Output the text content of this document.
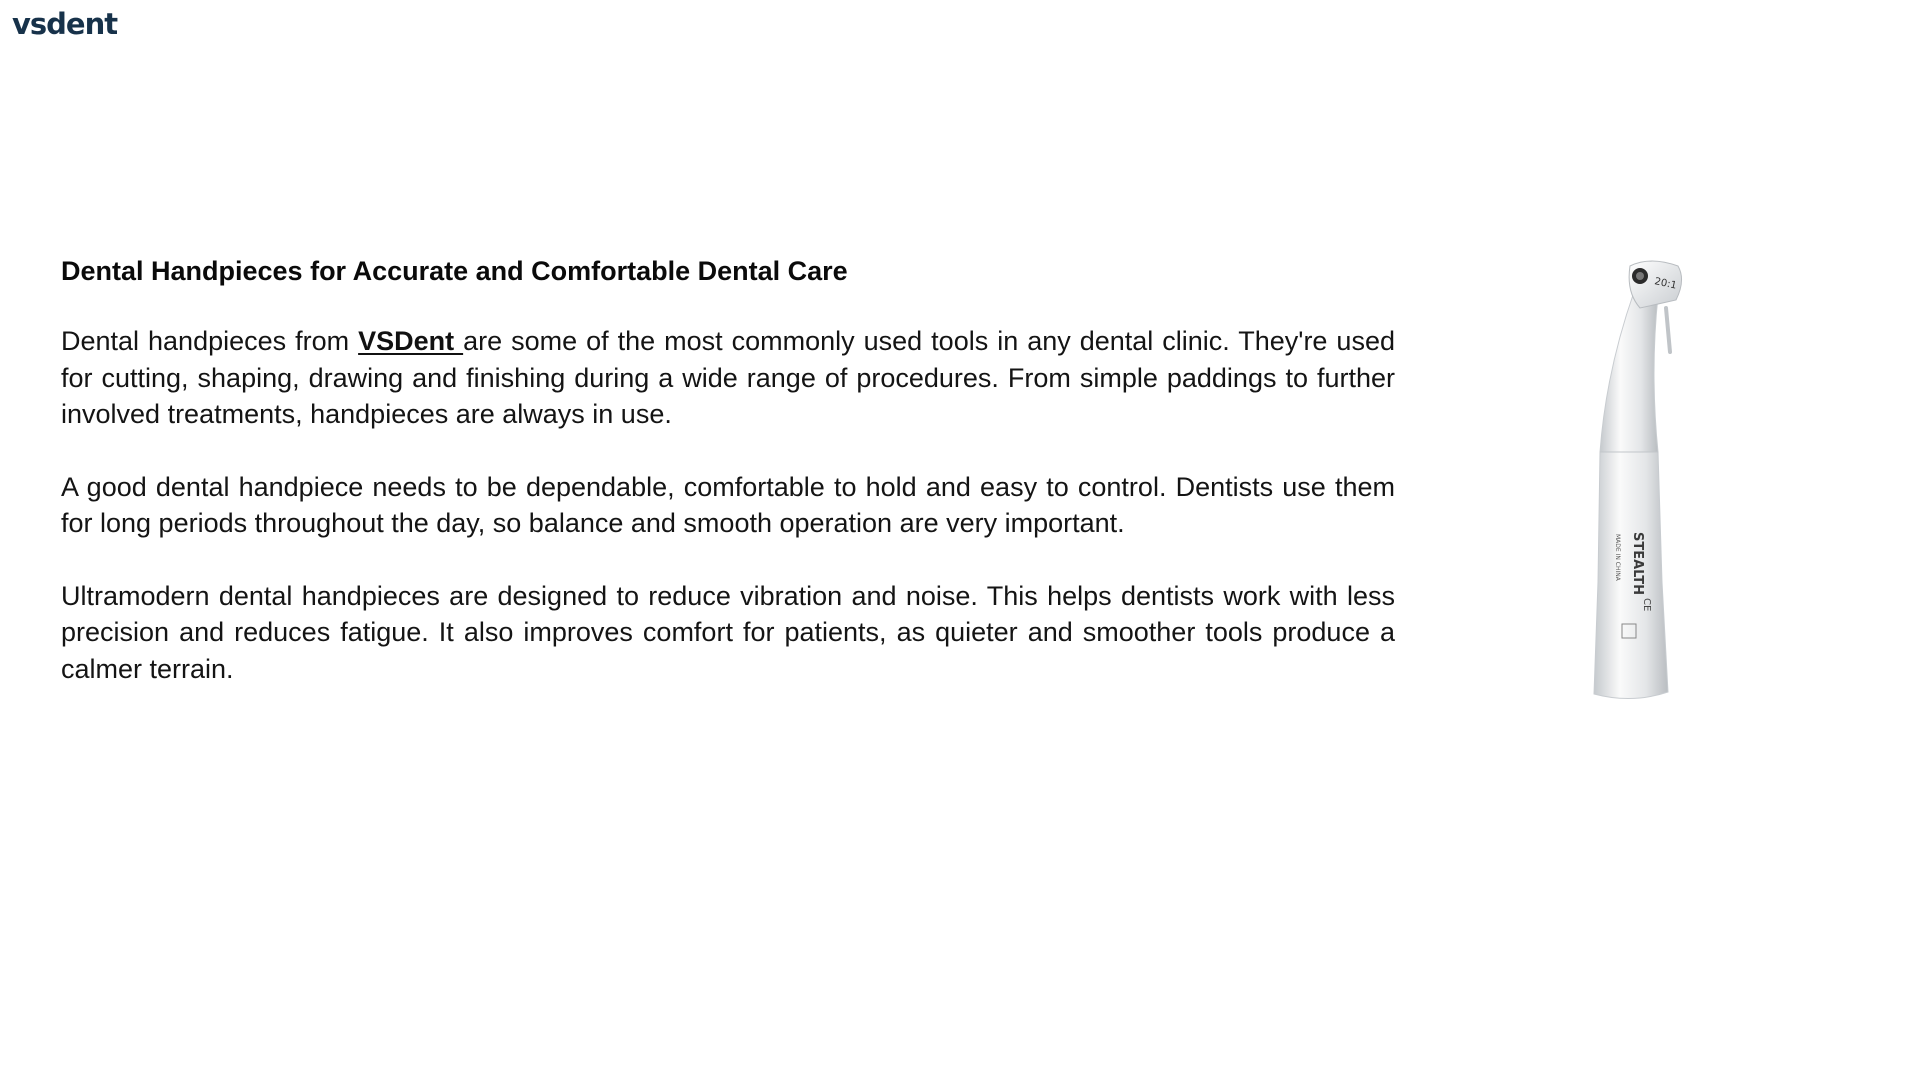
vsdent
Dental Handpieces for Accurate and Comfortable Dental Care

Dental handpieces from VSDent are some of the most commonly used tools in any dental clinic. They're used for cutting, shaping, drawing and finishing during a wide range of procedures. From simple paddings to further involved treatments, handpieces are always in use.

A good dental handpiece needs to be dependable, comfortable to hold and easy to control. Dentists use them for long periods throughout the day, so balance and smooth operation are very important.

Ultramodern dental handpieces are designed to reduce vibration and noise. This helps dentists work with less precision and reduces fatigue. It also improves comfort for patients, as quieter and smoother tools produce a calmer terrain.

20:1
STEALTH
MADE IN CHINA
CE
